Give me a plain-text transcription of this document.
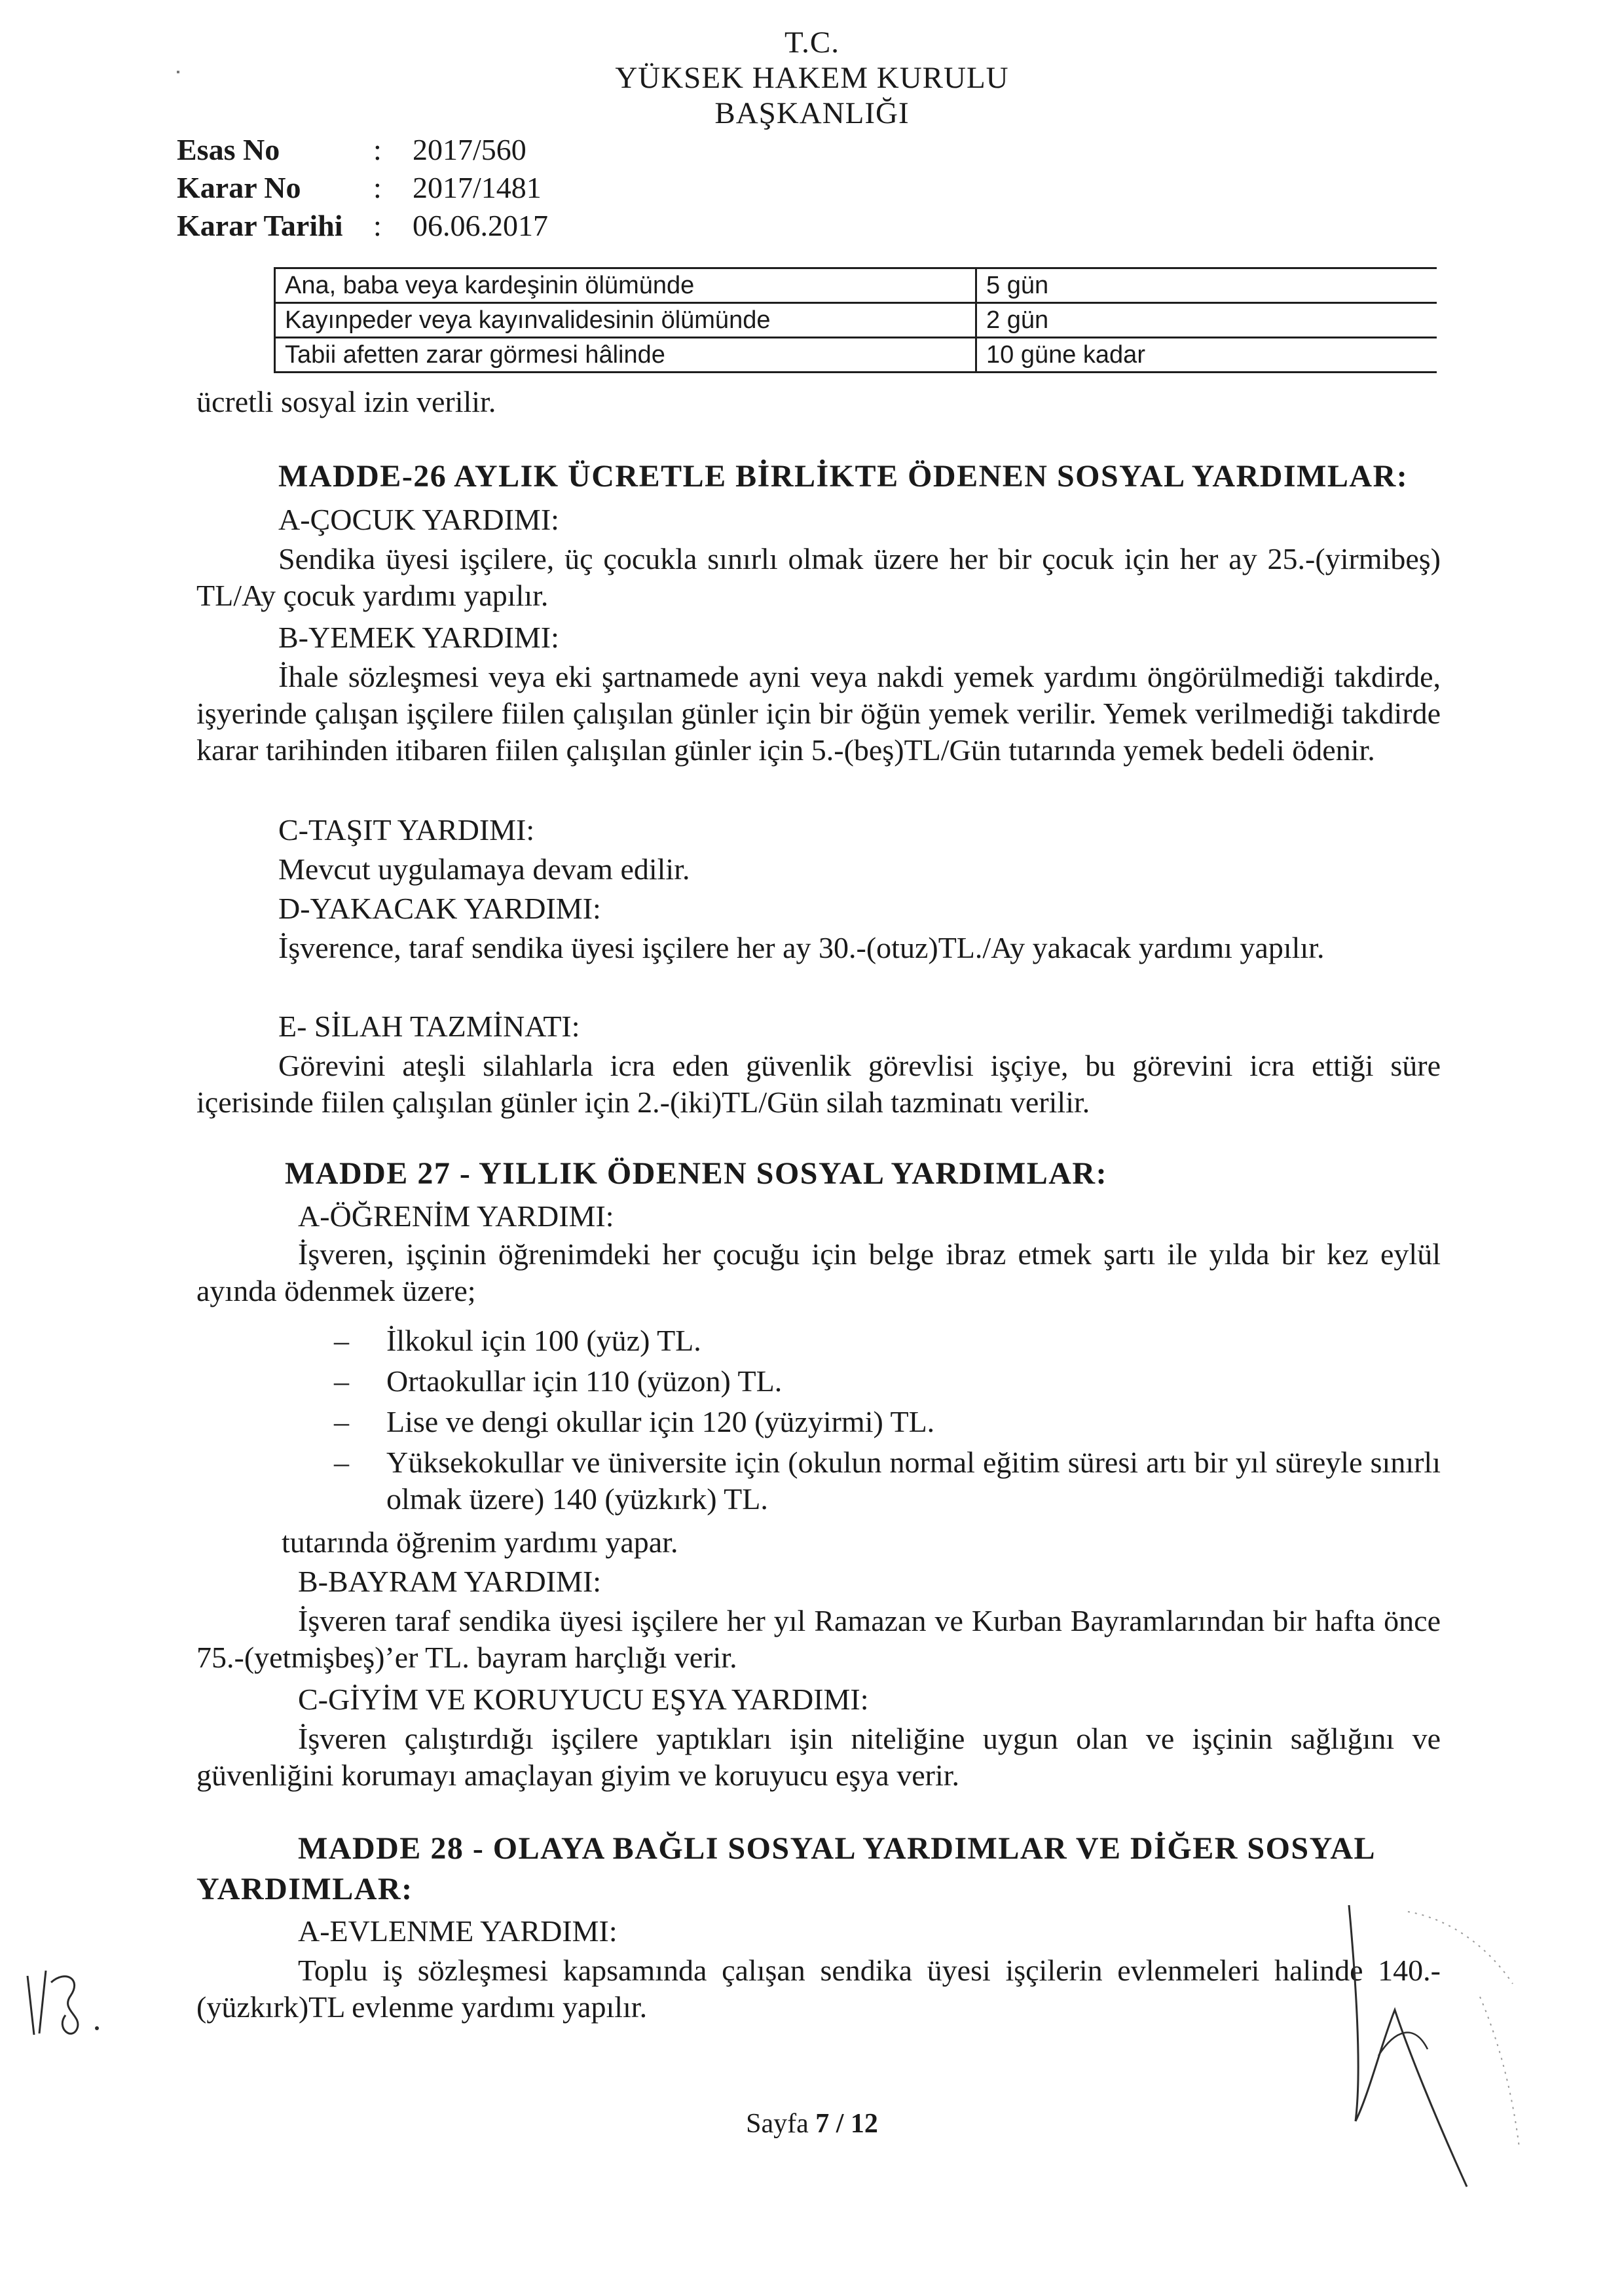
T.C.
YÜKSEK HAKEM KURULU
BAŞKANLIĞI
Esas No	:	2017/560
Karar No	:	2017/1481
Karar Tarihi	:	06.06.2017
Ana, baba veya kardeşinin ölümünde	5 gün
Kayınpeder veya kayınvalidesinin ölümünde	2 gün
Tabii afetten zarar görmesi hâlinde	10 güne kadar
ücretli sosyal izin verilir.
MADDE-26 AYLIK ÜCRETLE BİRLİKTE ÖDENEN SOSYAL YARDIMLAR:
A-ÇOCUK YARDIMI:
Sendika üyesi işçilere, üç çocukla sınırlı olmak üzere her bir çocuk için her ay 25.-(yirmibeş) TL/Ay çocuk yardımı yapılır.
B-YEMEK YARDIMI:
İhale sözleşmesi veya eki şartnamede ayni veya nakdi yemek yardımı öngörülmediği takdirde, işyerinde çalışan işçilere fiilen çalışılan günler için bir öğün yemek verilir. Yemek verilmediği takdirde karar tarihinden itibaren fiilen çalışılan günler için 5.-(beş)TL/Gün tutarında yemek bedeli ödenir.
C-TAŞIT YARDIMI:
Mevcut uygulamaya devam edilir.
D-YAKACAK YARDIMI:
İşverence, taraf sendika üyesi işçilere her ay 30.-(otuz)TL./Ay yakacak yardımı yapılır.
E- SİLAH TAZMİNATI:
Görevini ateşli silahlarla icra eden güvenlik görevlisi işçiye, bu görevini icra ettiği süre içerisinde fiilen çalışılan günler için 2.-(iki)TL/Gün silah tazminatı verilir.
MADDE 27 - YILLIK ÖDENEN SOSYAL YARDIMLAR:
A-ÖĞRENİM YARDIMI:
İşveren, işçinin öğrenimdeki her çocuğu için belge ibraz etmek şartı ile yılda bir kez eylül ayında ödenmek üzere;
– İlkokul için 100 (yüz) TL.
– Ortaokullar için 110 (yüzon) TL.
– Lise ve dengi okullar için 120 (yüzyirmi) TL.
– Yüksekokullar ve üniversite için (okulun normal eğitim süresi artı bir yıl süreyle sınırlı olmak üzere) 140 (yüzkırk) TL.
tutarında öğrenim yardımı yapar.
B-BAYRAM YARDIMI:
İşveren taraf sendika üyesi işçilere her yıl Ramazan ve Kurban Bayramlarından bir hafta önce 75.-(yetmişbeş)’er TL. bayram harçlığı verir.
C-GİYİM VE KORUYUCU EŞYA YARDIMI:
İşveren çalıştırdığı işçilere yaptıkları işin niteliğine uygun olan ve işçinin sağlığını ve güvenliğini korumayı amaçlayan giyim ve koruyucu eşya verir.
MADDE 28 - OLAYA BAĞLI SOSYAL YARDIMLAR VE DİĞER SOSYAL
YARDIMLAR:
A-EVLENME YARDIMI:
Toplu iş sözleşmesi kapsamında çalışan sendika üyesi işçilerin evlenmeleri halinde 140.-(yüzkırk)TL evlenme yardımı yapılır.
Sayfa 7 / 12
